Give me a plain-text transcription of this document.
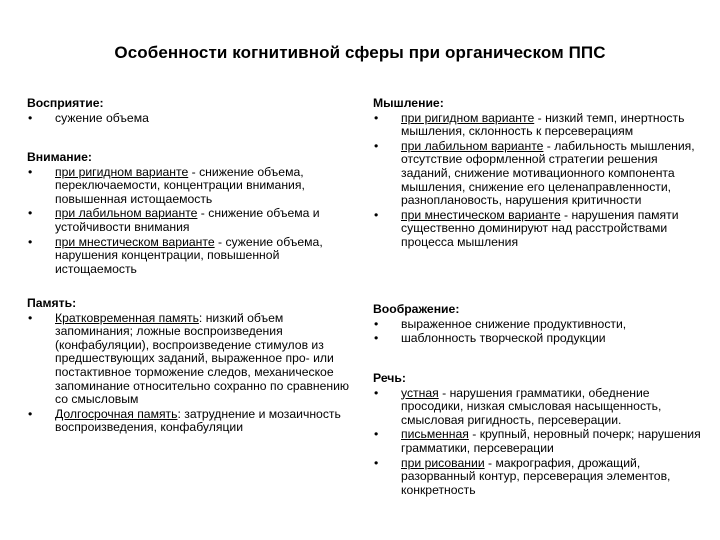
Особенности когнитивной сферы при органическом ППС
Восприятие:
•	сужение объема
Внимание:
•	при ригидном варианте - снижение объема, переключаемости, концентрации внимания, повышенная истощаемость
•	при лабильном варианте - снижение объема и устойчивости внимания
•	при мнестическом варианте - сужение объема, нарушения концентрации, повышенной истощаемость
Память:
•	Кратковременная память: низкий объем запоминания; ложные воспроизведения (конфабуляции), воспроизведение стимулов из предшествующих заданий, выраженное про- или постактивное торможение следов, механическое запоминание относительно сохранно по сравнению со смысловым
•	Долгосрочная память: затруднение и мозаичность воспроизведения, конфабуляции
Мышление:
•	при ригидном варианте - низкий темп, инертность мышления, склонность к персеверациям
•	при лабильном варианте - лабильность мышления, отсутствие оформленной стратегии решения заданий, снижение мотивационного компонента мышления, снижение его целенаправленности, разноплановость, нарушения критичности
•	при мнестическом варианте - нарушения памяти существенно доминируют над расстройствами процесса мышления
Воображение:
•	выраженное снижение продуктивности,
•	шаблонность творческой продукции
Речь:
•	устная - нарушения грамматики, обеднение просодики, низкая смысловая насыщенность, смысловая ригидность, персеверации.
•	письменная - крупный, неровный почерк; нарушения грамматики, персеверации
•	при рисовании - макрография, дрожащий, разорванный контур, персеверация элементов, конкретность
